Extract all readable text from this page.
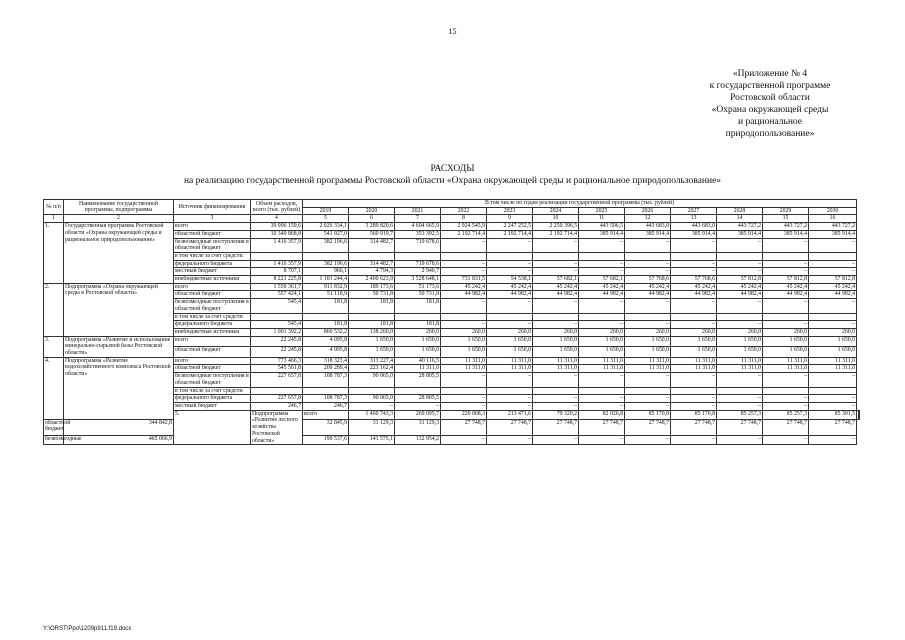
15
«Приложение № 4
к государственной программе
Ростовской области
«Охрана окружающей среды
и рациональное
природопользование»
РАСХОДЫ
на реализацию государственной программы Ростовской области «Охрана окружающей среды и рациональное природопользование»
№ п/п	Наименование государственной программы, подпрограммы	Источник финансирования	Объем расходов, всего (тыс. рублей)	В том числе по годам реализации государственной программы (тыс. рублей)													
				2019	2020	2021	2022	2023	2024	2025	2026	2027	2028	2029	2030		
1	2	3	4	5	6	7	8	9	10	11	12	13	14	15	16		
1.	Государственная программа Ростовской области «Охрана окружающей среды и рациональное природопользование»	всего	39 996 159,6	2 026 334,1	3 289 820,6	4 604 665,9	2 924 545,9	2 247 252,5	2 250 396,5	443 596,5	443 683,0	443 683,0	443 727,2	443 727,2	443 727,2		
		областной бюджет	10 349 868,8	541 927,0	560 919,7	353 392,5	2 192 714,4	2 192 714,4	2 192 714,4	385 914,4	385 914,4	385 914,4	385 914,4	385 914,4	385 914,4		
		безвозмездные поступления в областной бюджет	1 416 357,9	382 196,6	314 482,7	719 678,6	–	–	–	–	–	–	–	–	–		
		в том числе за счет средств:															
		федерального бюджета	1 416 357,9	382 196,6	314 482,7	719 678,6	–	–	–	–	–	–	–	–	–		
		местный бюджет	8 707,1	966,1	4 794,3	2 946,7	–	–	–	–	–	–	–	–	–		
		внебюджетные источники	8 221 225,8	1 101 244,4	2 400 623,9	3 528 648,1	731 831,5	54 538,1	57 682,1	57 682,1	57 768,6	57 768,6	57 812,8	57 812,8	57 812,8		
2.	Подпрограмма «Охрана окружающей среды в Ростовской области»	всего	1 559 361,7	911 832,9	189 173,6	51 173,6	45 242,4	45 242,4	45 242,4	45 242,4	45 242,4	45 242,4	45 242,4	45 242,4	45 242,4		
		областной бюджет	557 424,1	51 118,9	50 731,8	50 731,8	44 982,4	44 982,4	44 982,4	44 982,4	44 982,4	44 982,4	44 982,4	44 982,4	44 982,4		
		безвозмездные поступления в областной бюджет	545,4	181,8	181,8	181,8	–	–	–	–	–	–	–	–	–		
		в том числе за счет средств:															
		федерального бюджета	545,4	181,8	181,8	181,8	–	–	–	–	–	–	–	–	–		
		внебюджетные источники	1 001 392,2	860 532,2	138 260,0	260,0	260,0	260,0	260,0	260,0	260,0	260,0	260,0	260,0	260,0		
3.	Подпрограмма «Развитие и использование минерально-сырьевой базы Ростовской области»	всего	22 245,8	4 095,8	1 650,0	1 650,0	1 650,0	1 650,0	1 650,0	1 650,0	1 650,0	1 650,0	1 650,0	1 650,0	1 650,0		
		областной бюджет	22 245,8	4 095,8	1 650,0	1 650,0	1 650,0	1 650,0	1 650,0	1 650,0	1 650,0	1 650,0	1 650,0	1 650,0	1 650,0		
4.	Подпрограмма «Развитие водохозяйственного комплекса Ростовской области»	всего	773 466,3	318 323,4	313 227,4	40 116,5	11 311,0	11 311,0	11 311,0	11 311,0	11 311,0	11 311,0	11 311,0	11 311,0	11 311,0		
		областной бюджет	545 561,8	209 289,4	223 162,4	11 311,0	11 311,0	11 311,0	11 311,0	11 311,0	11 311,0	11 311,0	11 311,0	11 311,0	11 311,0		
		безвозмездные поступления в областной бюджет	227 657,8	108 787,3	90 065,0	28 805,5	–	–	–	–	–	–	–	–	–		
		в том числе за счет средств:															
		федерального бюджета	227 657,8	108 787,3	90 065,0	28 805,5	–	–	–	–	–	–	–	–	–		
		местный бюджет	246,7	246,7	–	–	–	–	–	–	–	–	–	–	–		
		5.	Подпрограмма «Развитие лесного хозяйства Ростовской области»	всего	1 460 743,3	269 095,7	220 068,3	213 471,6	79 320,2	82 026,8	85 170,8	85 170,8	85 257,3	85 257,3	85 301,5		
областной бюджет	344 842,8			32 845,9	31 129,3	31 129,3	27 748,7	27 748,7	27 748,7	27 748,7	27 748,7	27 748,7	27 748,7	27 748,7	27 748,7		
безвозмездные	465 066,9			190 537,6	141 575,1	132 954,2	–	–	–	–	–	–	–	–	–		
Y:\ORST\Ppo\1209p911.f19.docx
